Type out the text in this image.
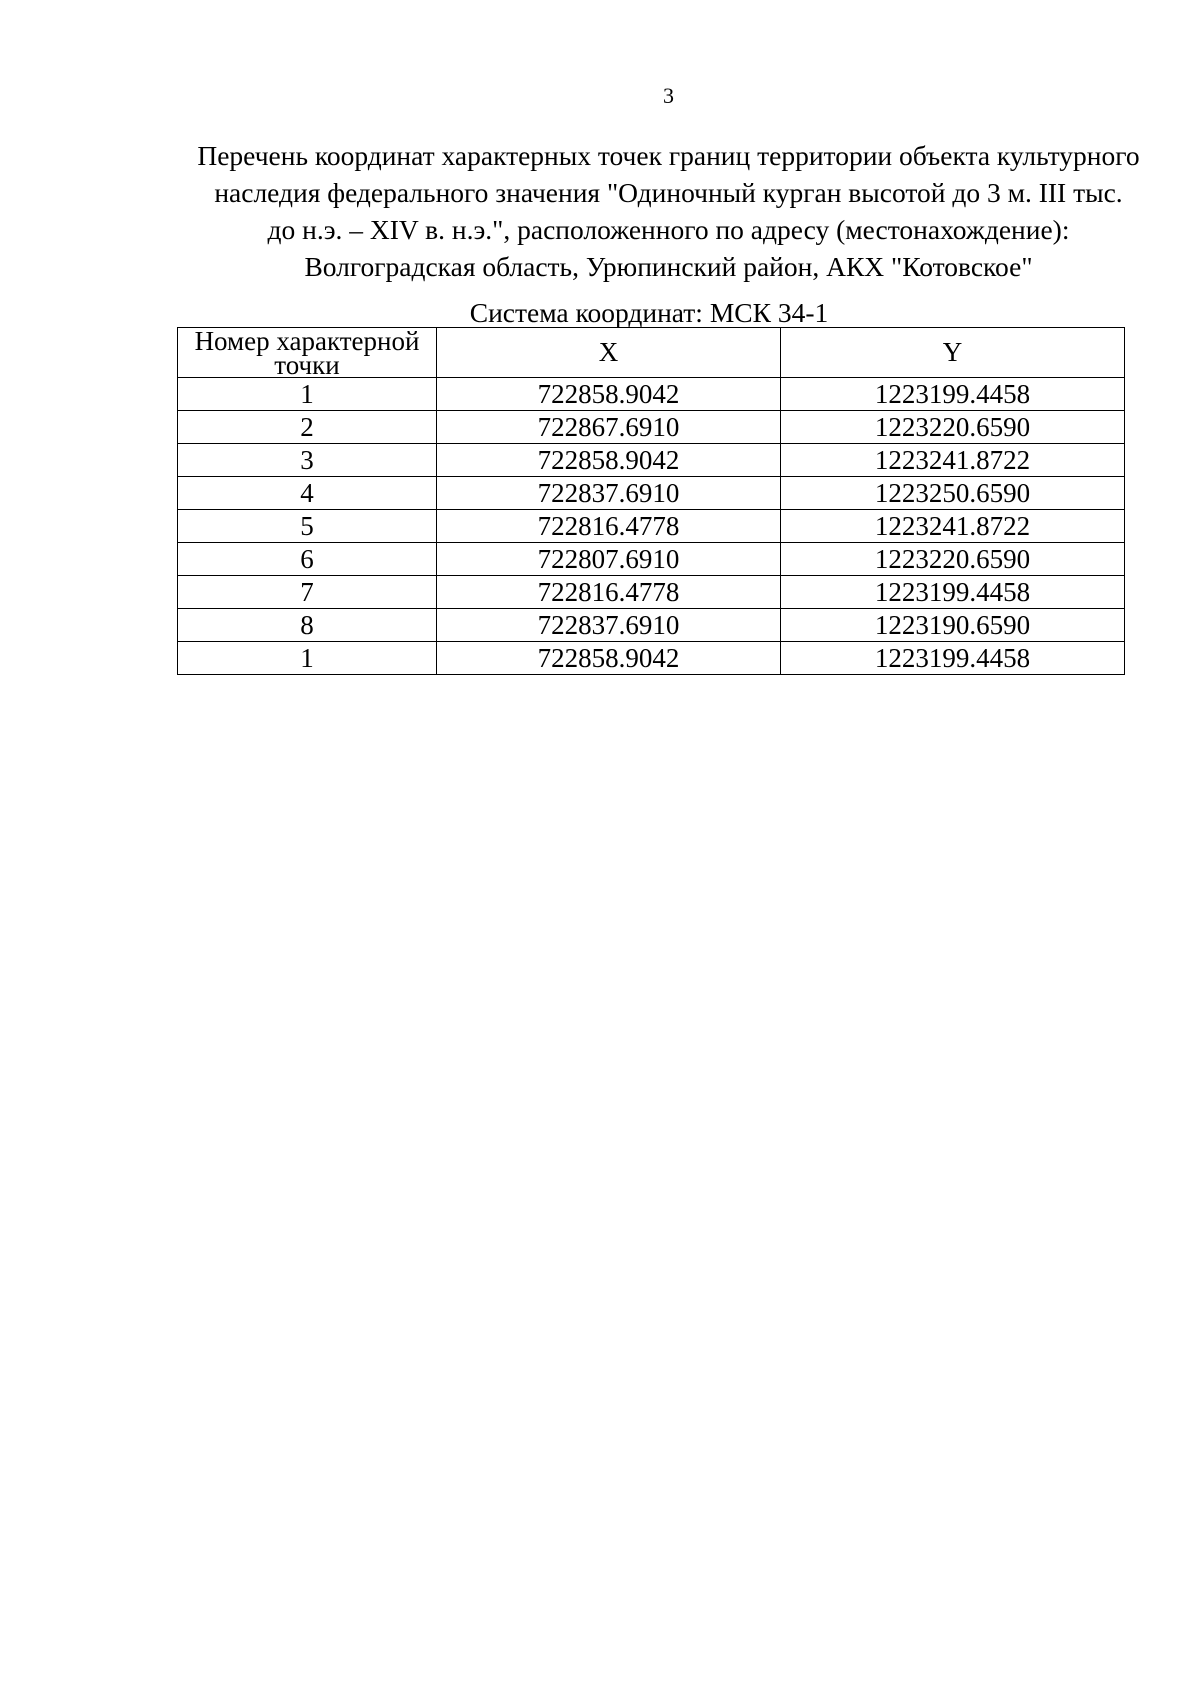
3
Перечень координат характерных точек границ территории объекта культурного
наследия федерального значения "Одиночный курган высотой до 3 м. III тыс.
до н.э. – XIV в. н.э.", расположенного по адресу (местонахождение):
Волгоградская область, Урюпинский район, АКХ "Котовское"
Система координат: МСК 34-1
Номер характерной
точки	X	Y
1	722858.9042	1223199.4458
2	722867.6910	1223220.6590
3	722858.9042	1223241.8722
4	722837.6910	1223250.6590
5	722816.4778	1223241.8722
6	722807.6910	1223220.6590
7	722816.4778	1223199.4458
8	722837.6910	1223190.6590
1	722858.9042	1223199.4458
